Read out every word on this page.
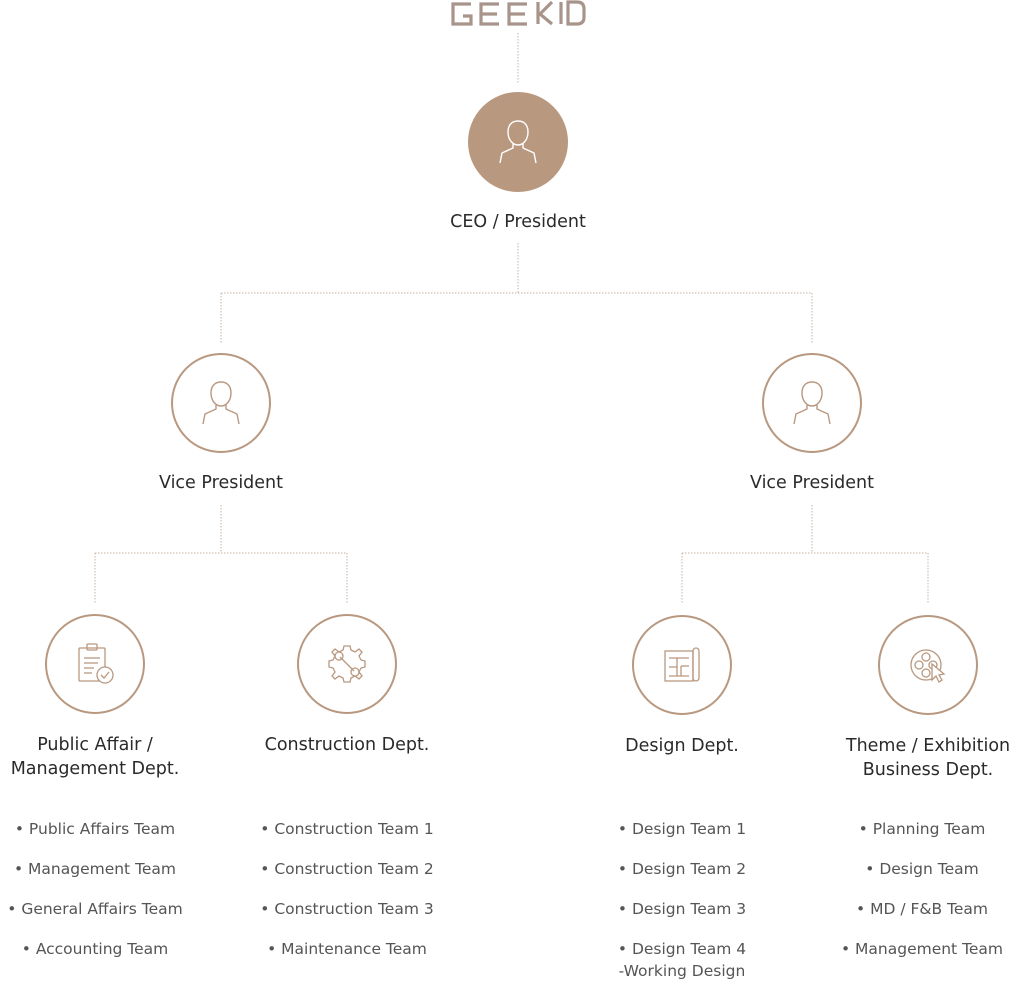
CEO / President
Vice President	Vice President
Public Affair /
Management Dept.
• Public Affairs Team
• Management Team
• General Affairs Team
• Accounting Team
Construction Dept.
• Construction Team 1
• Construction Team 2
• Construction Team 3
• Maintenance Team
Design Dept.
• Design Team 1
• Design Team 2
• Design Team 3
• Design Team 4
-Working Design
Theme / Exhibition
Business Dept.
• Planning Team
• Design Team
• MD / F&B Team
• Management Team
